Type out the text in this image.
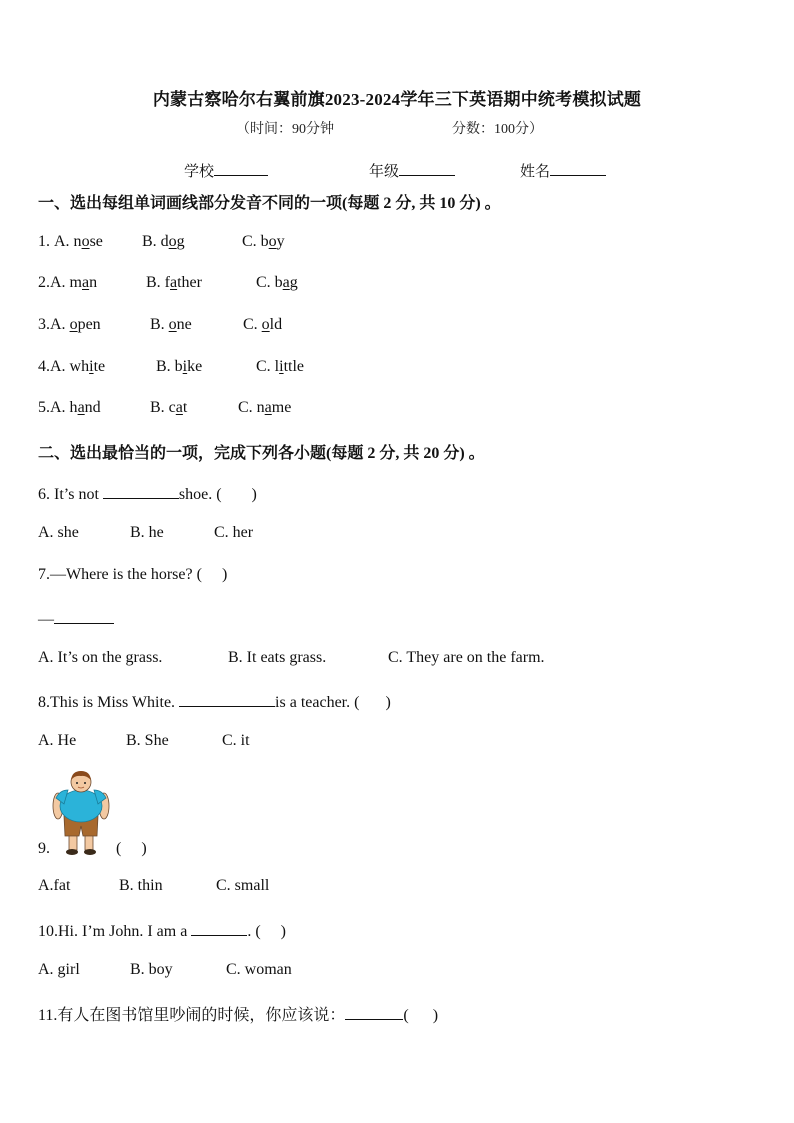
内蒙古察哈尔右翼前旗2023-2024学年三下英语期中统考模拟试题
（时间：90分钟	分数：100分）
学校	年级	姓名
一、选出每组单词画线部分发音不同的一项(每题 2 分, 共 10 分) 。
1. A. nose B. dog	C. boy
2.A. man	B. father	C. bag
3.A. open	B. one	C. old
4.A. white	B. bike	C. little
5.A. hand	B. cat	C. name
二、选出最恰当的一项，完成下列各小题(每题 2 分, 共 20 分) 。
6. It’s not	shoe. ( )
A. she	B. he	C. her
7.—Where is the horse? ( )
—
A. It’s on the grass.	B. It eats grass.	C. They are on the farm.
8.This is Miss White.	is a teacher. ( )
A. He	B. She	C. it
9.	( )
A.fat	B. thin	C. small
10.Hi. I’m John. I am a	. ( )
A. girl	B. boy	C. woman
11.有人在图书馆里吵闹的时候，你应该说：	( )
